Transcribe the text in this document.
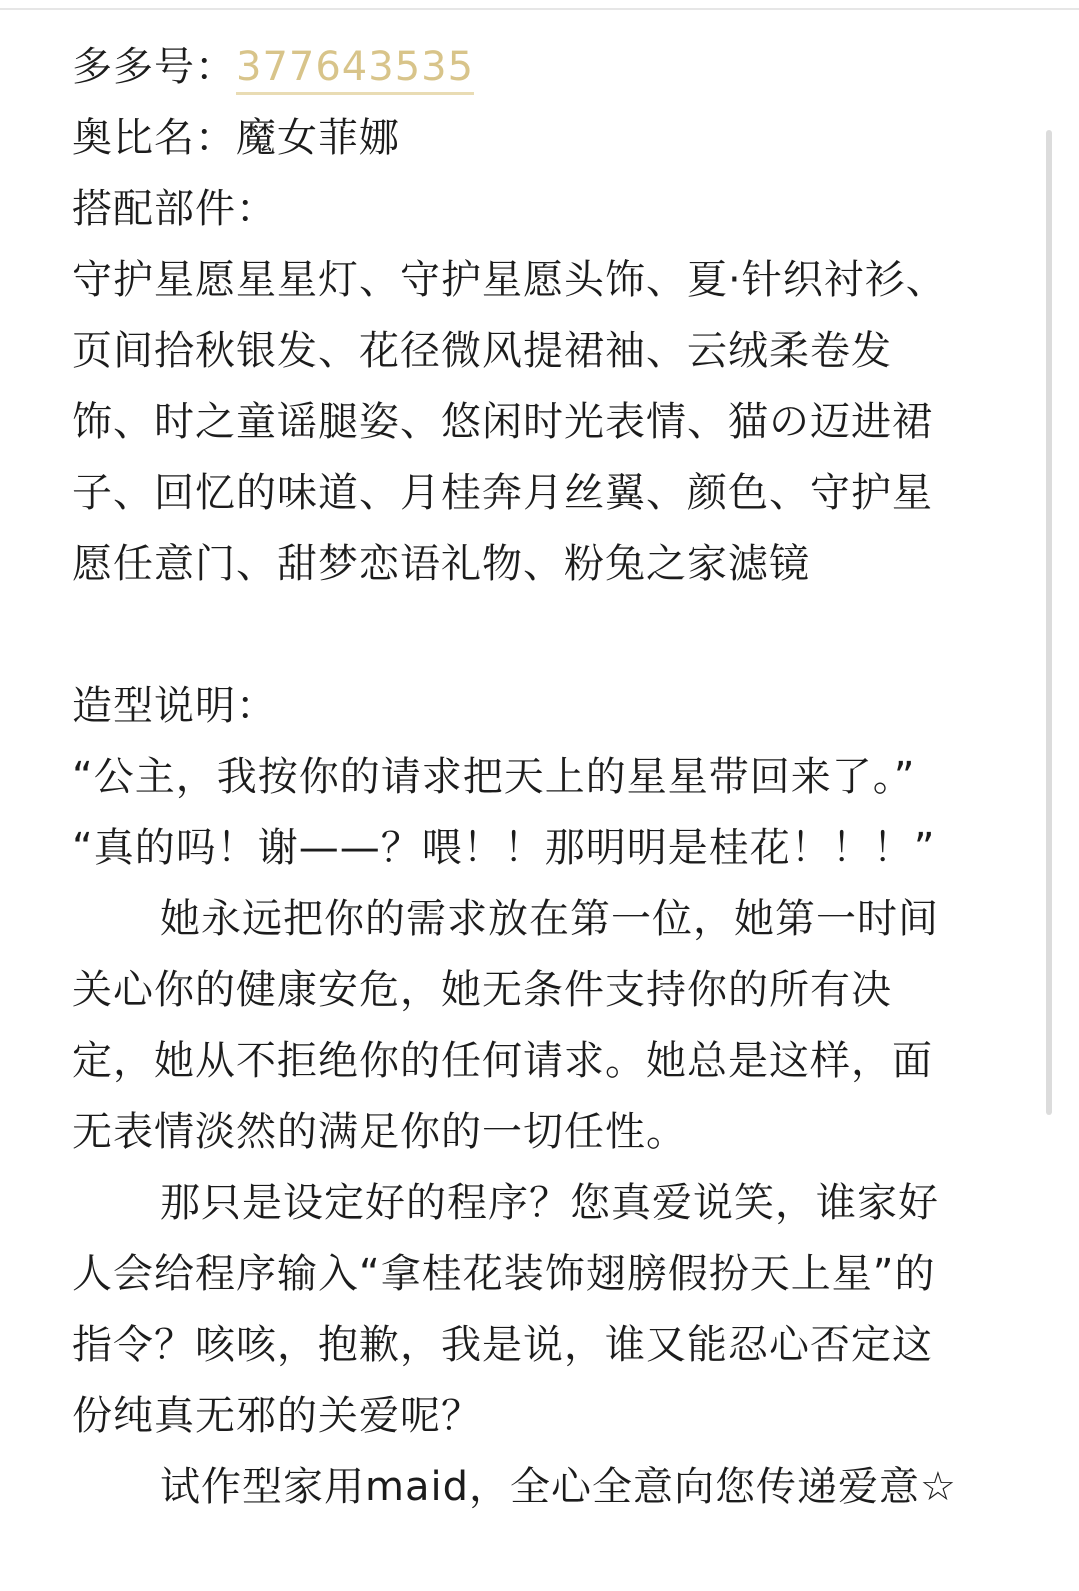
多多号：377643535
奥比名：魔女菲娜
搭配部件：
守护星愿星星灯、守护星愿头饰、夏·针织衬衫、
页间拾秋银发、花径微风提裙袖、云绒柔卷发
饰、时之童谣腿姿、悠闲时光表情、猫の迈进裙
子、回忆的味道、月桂奔月丝翼、颜色、守护星
愿任意门、甜梦恋语礼物、粉兔之家滤镜
造型说明：
“公主，我按你的请求把天上的星星带回来了。”
“真的吗！谢——？喂！！那明明是桂花！！！”
她永远把你的需求放在第一位，她第一时间
关心你的健康安危，她无条件支持你的所有决
定，她从不拒绝你的任何请求。她总是这样，面
无表情淡然的满足你的一切任性。
那只是设定好的程序？您真爱说笑，谁家好
人会给程序输入“拿桂花装饰翅膀假扮天上星”的
指令？咳咳，抱歉，我是说，谁又能忍心否定这
份纯真无邪的关爱呢？
试作型家用maid，全心全意向您传递爱意☆
